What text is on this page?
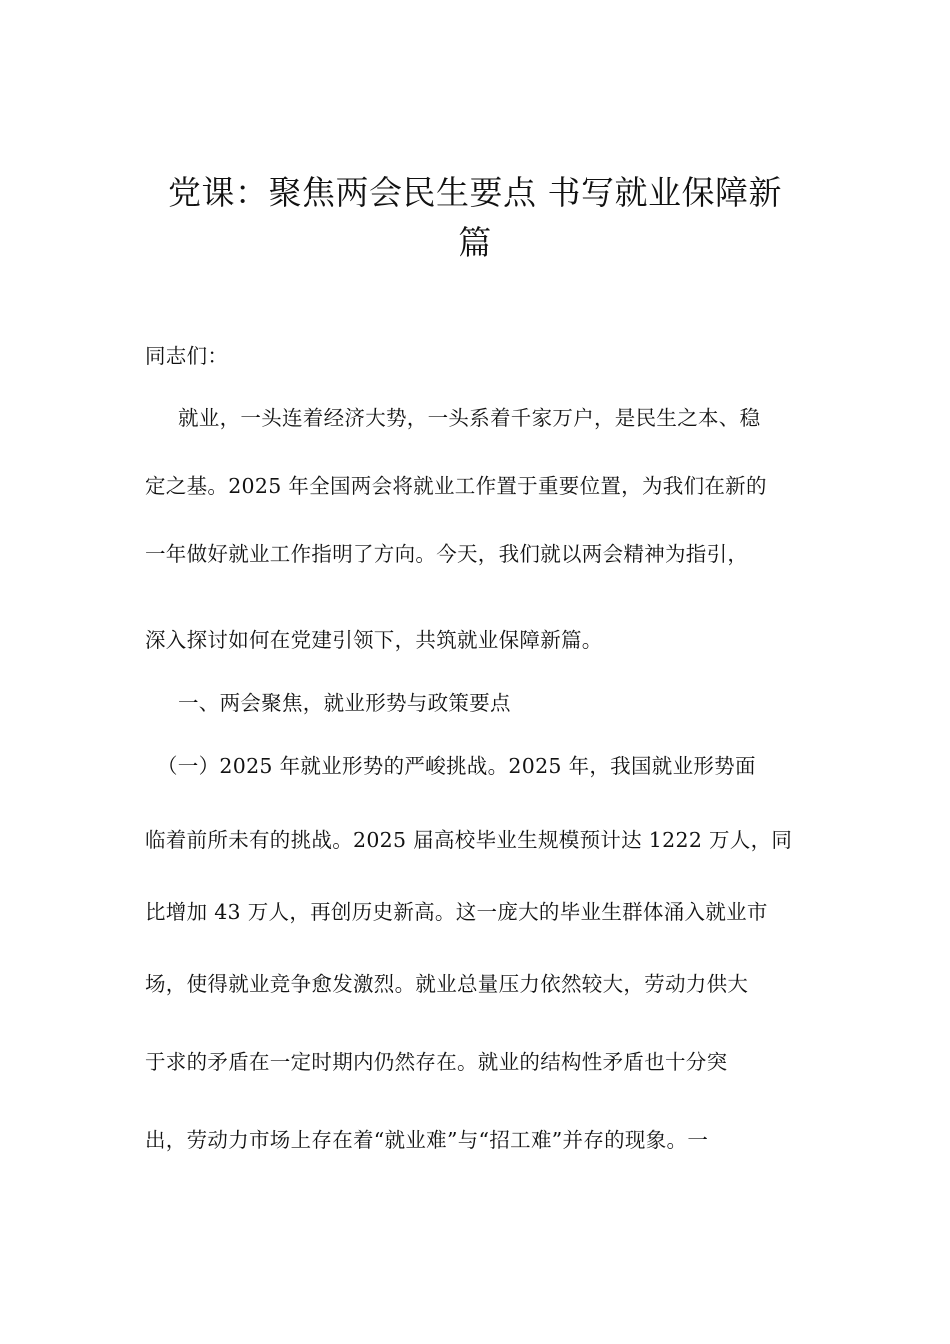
党课：聚焦两会民生要点 书写就业保障新
篇
同志们：
就业，一头连着经济大势，一头系着千家万户，是民生之本、稳
定之基。2025 年全国两会将就业工作置于重要位置，为我们在新的
一年做好就业工作指明了方向。今天，我们就以两会精神为指引，
深入探讨如何在党建引领下，共筑就业保障新篇。
一、两会聚焦，就业形势与政策要点
（一）2025 年就业形势的严峻挑战。2025 年，我国就业形势面
临着前所未有的挑战。2025 届高校毕业生规模预计达 1222 万人，同
比增加 43 万人，再创历史新高。这一庞大的毕业生群体涌入就业市
场，使得就业竞争愈发激烈。就业总量压力依然较大，劳动力供大
于求的矛盾在一定时期内仍然存在。就业的结构性矛盾也十分突
出，劳动力市场上存在着“就业难”与“招工难”并存的现象。一
